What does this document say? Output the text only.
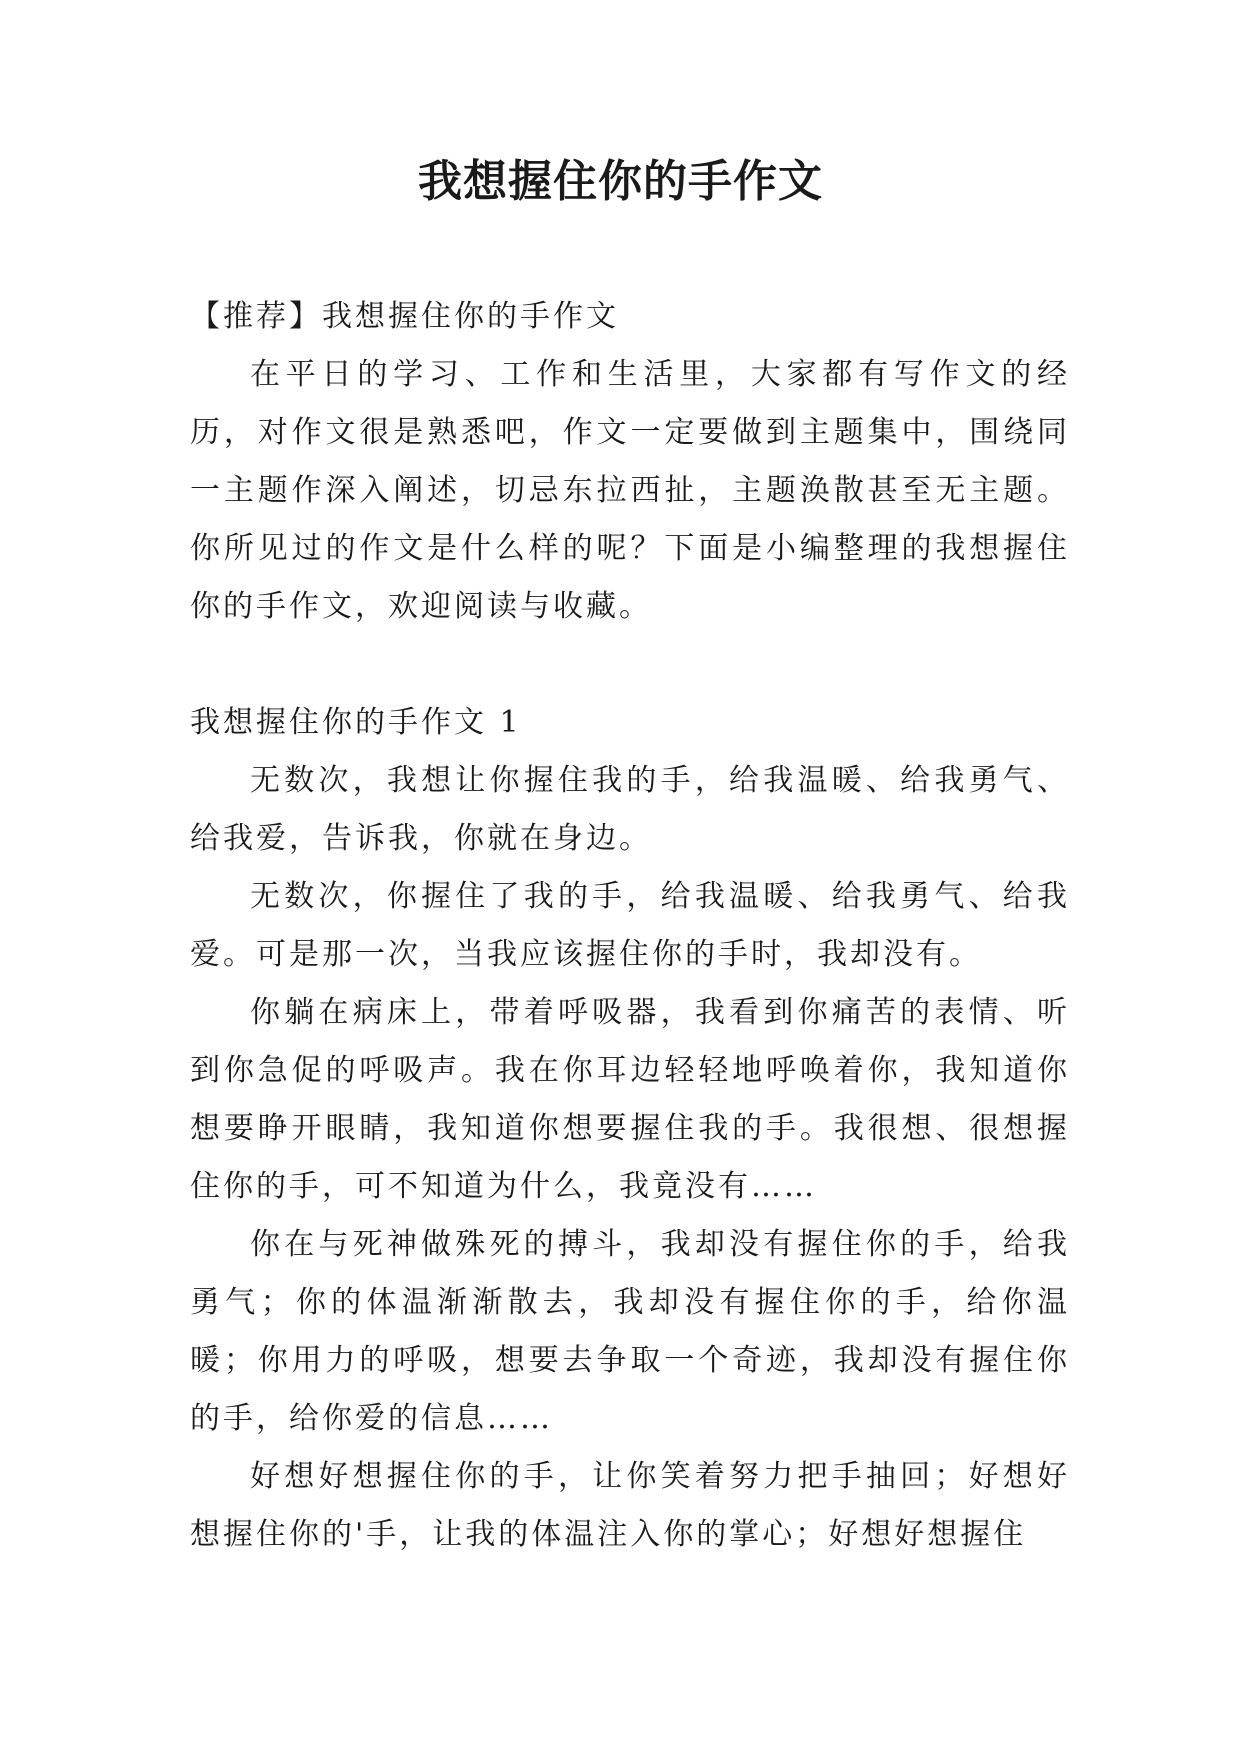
我想握住你的手作文

【推荐】我想握住你的手作文

在平日的学习、工作和生活里，大家都有写作文的经历，对作文很是熟悉吧，作文一定要做到主题集中，围绕同一主题作深入阐述，切忌东拉西扯，主题涣散甚至无主题。你所见过的作文是什么样的呢？下面是小编整理的我想握住你的手作文，欢迎阅读与收藏。

我想握住你的手作文 1

无数次，我想让你握住我的手，给我温暖、给我勇气、给我爱，告诉我，你就在身边。

无数次，你握住了我的手，给我温暖、给我勇气、给我爱。可是那一次，当我应该握住你的手时，我却没有。

你躺在病床上，带着呼吸器，我看到你痛苦的表情、听到你急促的呼吸声。我在你耳边轻轻地呼唤着你，我知道你想要睁开眼睛，我知道你想要握住我的手。我很想、很想握住你的手，可不知道为什么，我竟没有……

你在与死神做殊死的搏斗，我却没有握住你的手，给我勇气；你的体温渐渐散去，我却没有握住你的手，给你温暖；你用力的呼吸，想要去争取一个奇迹，我却没有握住你的手，给你爱的信息……

好想好想握住你的手，让你笑着努力把手抽回；好想好想握住你的'手，让我的体温注入你的掌心；好想好想握住
